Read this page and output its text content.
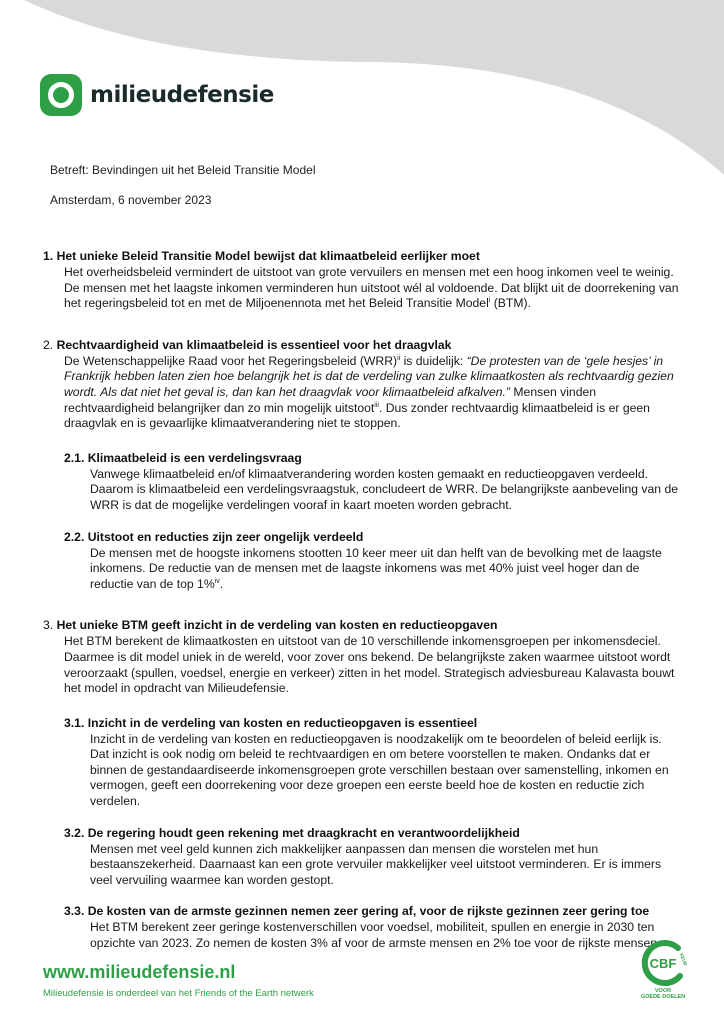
milieudefensie
Betreft: Bevindingen uit het Beleid Transitie Model
Amsterdam, 6 november 2023
1. Het unieke Beleid Transitie Model bewijst dat klimaatbeleid eerlijker moet

Het overheidsbeleid vermindert de uitstoot van grote vervuilers en mensen met een hoog inkomen veel te weinig. De mensen met het laagste inkomen verminderen hun uitstoot wél al voldoende. Dat blijkt uit de doorrekening van het regeringsbeleid tot en met de Miljoenennota met het Beleid Transitie Model$^i$ (BTM).

2. Rechtvaardigheid van klimaatbeleid is essentieel voor het draagvlak

De Wetenschappelijke Raad voor het Regeringsbeleid (WRR)$^{ii}$ is duidelijk: “De protesten van de ‘gele hesjes’ in Frankrijk hebben laten zien hoe belangrijk het is dat de verdeling van zulke klimaatkosten als rechtvaardig gezien wordt. Als dat niet het geval is, dan kan het draagvlak voor klimaatbeleid afkalven.” Mensen vinden rechtvaardigheid belangrijker dan zo min mogelijk uitstoot$^{iii}$. Dus zonder rechtvaardig klimaatbeleid is er geen draagvlak en is gevaarlijke klimaatverandering niet te stoppen.

2.1. Klimaatbeleid is een verdelingsvraag

Vanwege klimaatbeleid en/of klimaatverandering worden kosten gemaakt en reductieopgaven verdeeld. Daarom is klimaatbeleid een verdelingsvraagstuk, concludeert de WRR. De belangrijkste aanbeveling van de WRR is dat de mogelijke verdelingen vooraf in kaart moeten worden gebracht.

2.2. Uitstoot en reducties zijn zeer ongelijk verdeeld

De mensen met de hoogste inkomens stootten 10 keer meer uit dan helft van de bevolking met de laagste inkomens. De reductie van de mensen met de laagste inkomens was met 40% juist veel hoger dan de reductie van de top 1%$^{iv}$.

3. Het unieke BTM geeft inzicht in de verdeling van kosten en reductieopgaven

Het BTM berekent de klimaatkosten en uitstoot van de 10 verschillende inkomensgroepen per inkomensdeciel. Daarmee is dit model uniek in de wereld, voor zover ons bekend. De belangrijkste zaken waarmee uitstoot wordt veroorzaakt (spullen, voedsel, energie en verkeer) zitten in het model. Strategisch adviesbureau Kalavasta bouwt het model in opdracht van Milieudefensie.

3.1. Inzicht in de verdeling van kosten en reductieopgaven is essentieel

Inzicht in de verdeling van kosten en reductieopgaven is noodzakelijk om te beoordelen of beleid eerlijk is. Dat inzicht is ook nodig om beleid te rechtvaardigen en om betere voorstellen te maken. Ondanks dat er binnen de gestandaardiseerde inkomensgroepen grote verschillen bestaan over samenstelling, inkomen en vermogen, geeft een doorrekening voor deze groepen een eerste beeld hoe de kosten en reductie zich verdelen.

3.2. De regering houdt geen rekening met draagkracht en verantwoordelijkheid

Mensen met veel geld kunnen zich makkelijker aanpassen dan mensen die worstelen met hun bestaanszekerheid. Daarnaast kan een grote vervuiler makkelijker veel uitstoot verminderen. Er is immers veel vervuiling waarmee kan worden gestopt.

3.3. De kosten van de armste gezinnen nemen zeer gering af, voor de rijkste gezinnen zeer gering toe

Het BTM berekent zeer geringe kostenverschillen voor voedsel, mobiliteit, spullen en energie in 2030 ten opzichte van 2023. Zo nemen de kosten 3% af voor de armste mensen en 2% toe voor de rijkste mensen.

www.milieudefensie.nl
Milieudefensie is onderdeel van het Friends of the Earth netwerk
CBF KEUR
VOOR
GOEDE DOELEN
